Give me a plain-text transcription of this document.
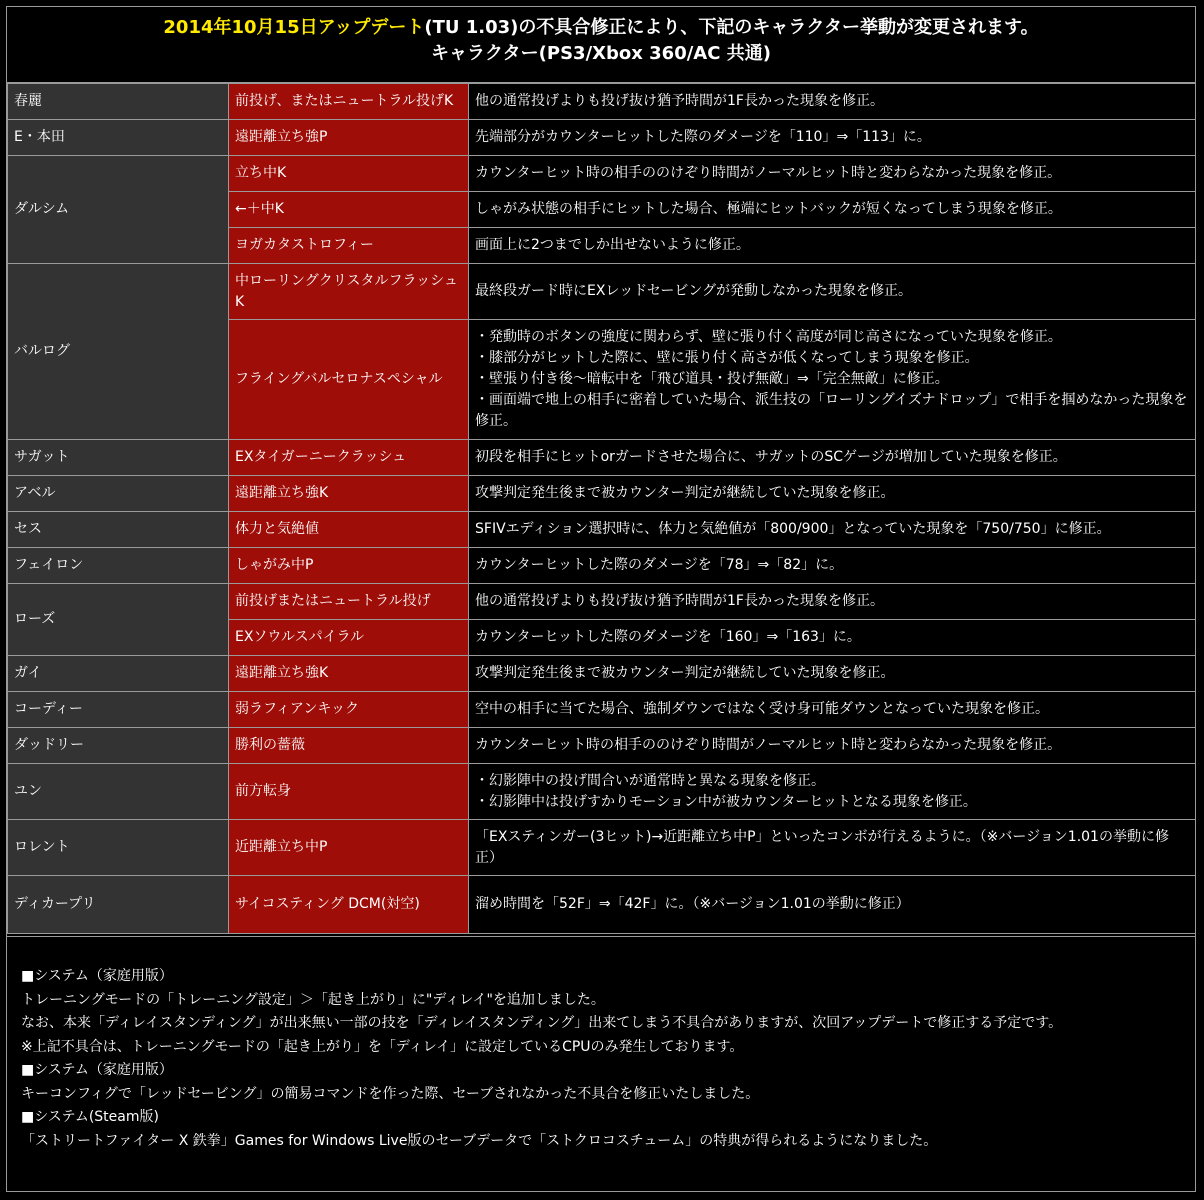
2014年10月15日アップデート(TU 1.03)の不具合修正により、下記のキャラクター挙動が変更されます。
キャラクター(PS3/Xbox 360/AC 共通)
春麗	前投げ、またはニュートラル投げK	他の通常投げよりも投げ抜け猶予時間が1F長かった現象を修正。
E・本田	遠距離立ち強P	先端部分がカウンターヒットした際のダメージを「110」⇒「113」に。
ダルシム	立ち中K	カウンターヒット時の相手ののけぞり時間がノーマルヒット時と変わらなかった現象を修正。
	←＋中K	しゃがみ状態の相手にヒットした場合、極端にヒットバックが短くなってしまう現象を修正。
	ヨガカタストロフィー	画面上に2つまでしか出せないように修正。
バルログ	中ローリングクリスタルフラッシュK	最終段ガード時にEXレッドセービングが発動しなかった現象を修正。
	フライングバルセロナスペシャル	・発動時のボタンの強度に関わらず、壁に張り付く高度が同じ高さになっていた現象を修正。
・膝部分がヒットした際に、壁に張り付く高さが低くなってしまう現象を修正。
・壁張り付き後～暗転中を「飛び道具・投げ無敵」⇒「完全無敵」に修正。
・画面端で地上の相手に密着していた場合、派生技の「ローリングイズナドロップ」で相手を掴めなかった現象を修正。

サガット	EXタイガーニークラッシュ	初段を相手にヒットorガードさせた場合に、サガットのSCゲージが増加していた現象を修正。
アベル	遠距離立ち強K	攻撃判定発生後まで被カウンター判定が継続していた現象を修正。
セス	体力と気絶値	SFIVエディション選択時に、体力と気絶値が「800/900」となっていた現象を「750/750」に修正。
フェイロン	しゃがみ中P	カウンターヒットした際のダメージを「78」⇒「82」に。
ローズ	前投げまたはニュートラル投げ	他の通常投げよりも投げ抜け猶予時間が1F長かった現象を修正。
	EXソウルスパイラル	カウンターヒットした際のダメージを「160」⇒「163」に。
ガイ	遠距離立ち強K	攻撃判定発生後まで被カウンター判定が継続していた現象を修正。
コーディー	弱ラフィアンキック	空中の相手に当てた場合、強制ダウンではなく受け身可能ダウンとなっていた現象を修正。
ダッドリー	勝利の薔薇	カウンターヒット時の相手ののけぞり時間がノーマルヒット時と変わらなかった現象を修正。
ユン	前方転身	・幻影陣中の投げ間合いが通常時と異なる現象を修正。
・幻影陣中は投げすかりモーション中が被カウンターヒットとなる現象を修正。

ロレント	近距離立ち中P	「EXスティンガー(3ヒット)→近距離立ち中P」といったコンボが行えるように。（※バージョン1.01の挙動に修正）
ディカープリ	サイコスティング DCM(対空)	溜め時間を「52F」⇒「42F」に。（※バージョン1.01の挙動に修正）

■システム（家庭用版）

トレーニングモードの「トレーニング設定」＞「起き上がり」に"ディレイ"を追加しました。

なお、本来「ディレイスタンディング」が出来無い一部の技を「ディレイスタンディング」出来てしまう不具合がありますが、次回アップデートで修正する予定です。

※上記不具合は、トレーニングモードの「起き上がり」を「ディレイ」に設定しているCPUのみ発生しております。

■システム（家庭用版）

キーコンフィグで「レッドセービング」の簡易コマンドを作った際、セーブされなかった不具合を修正いたしました。

■システム(Steam版)

「ストリートファイター X 鉄拳」Games for Windows Live版のセーブデータで「ストクロコスチューム」の特典が得られるようになりました。
